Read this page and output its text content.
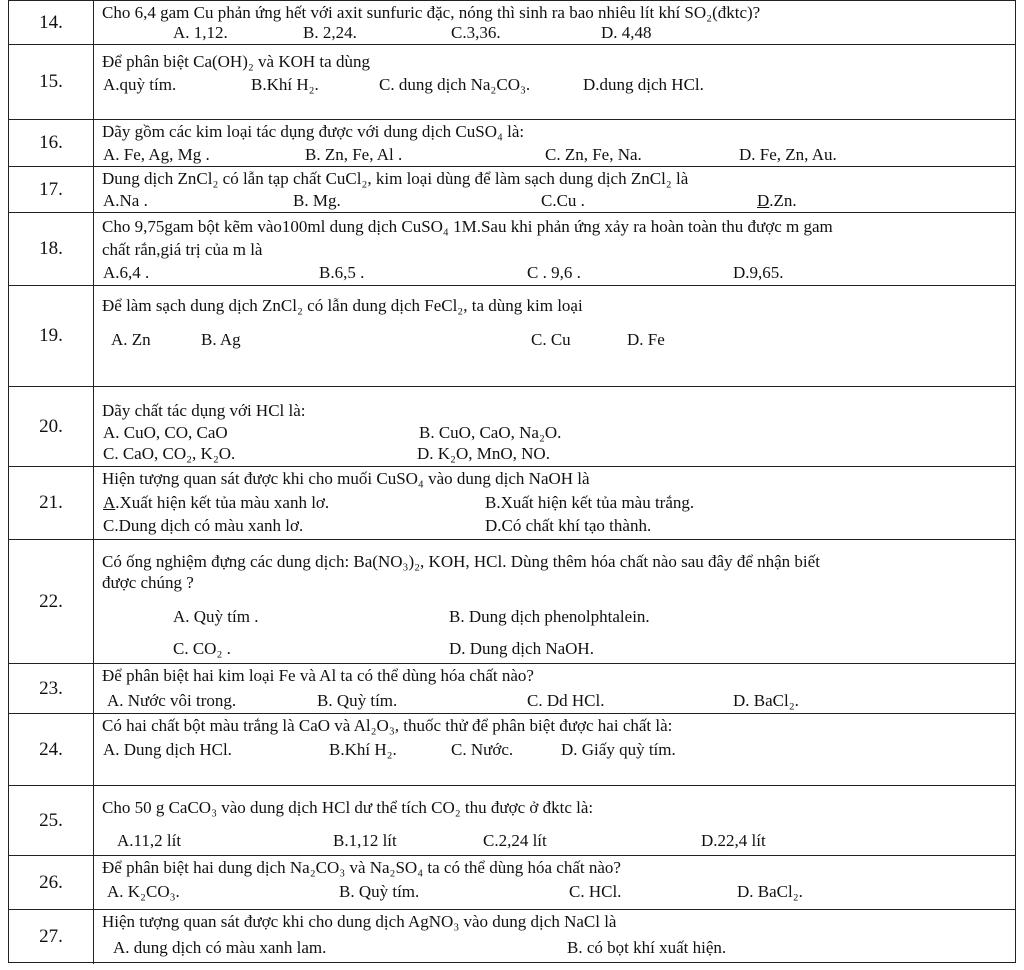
14.	Cho 6,4 gam Cu phản ứng hết với axit sunfuric đặc, nóng thì sinh ra bao nhiêu lít khí SO₂(đktc)?
A. 1,12.	B. 2,24.	C.3,36.	D. 4,48
15.
Để phân biệt Ca(OH)₂ và KOH ta dùng
A.quỳ tím.	B.Khí H₂.	C. dung dịch Na₂CO₃.	D.dung dịch HCl.
16.
Dãy gồm các kim loại tác dụng được với dung dịch CuSO₄ là:
A. Fe, Ag, Mg .	B. Zn, Fe, Al .	C. Zn, Fe, Na.	D. Fe, Zn, Au.
17.	Dung dịch ZnCl₂ có lẫn tạp chất CuCl₂, kim loại dùng để làm sạch dung dịch ZnCl₂ là
A.Na .	B. Mg.	C.Cu .	D.Zn.
18.
Cho 9,75gam bột kẽm vào100ml dung dịch CuSO₄ 1M.Sau khi phản ứng xảy ra hoàn toàn thu được m gam
chất rắn,giá trị của m là
A.6,4 .	B.6,5 .	C . 9,6 .	D.9,65.
19.
Để làm sạch dung dịch ZnCl₂ có lẫn dung dịch FeCl₂, ta dùng kim loại
A. Zn	B. Ag	C. Cu	D. Fe
20.
Dãy chất tác dụng với HCl là:
A. CuO, CO, CaO	B. CuO, CaO, Na₂O.
C. CaO, CO₂, K₂O.	D. K₂O, MnO, NO.
21.
Hiện tượng quan sát được khi cho muối CuSO₄ vào dung dịch NaOH là
A.Xuất hiện kết tủa màu xanh lơ.	B.Xuất hiện kết tủa màu trắng.
C.Dung dịch có màu xanh lơ.	D.Có chất khí tạo thành.
22.
Có ống nghiệm đựng các dung dịch: Ba(NO₃)₂, KOH, HCl. Dùng thêm hóa chất nào sau đây để nhận biết
được chúng ?
A. Quỳ tím .	B. Dung dịch phenolphtalein.
C. CO₂ .	D. Dung dịch NaOH.
23.
Để phân biệt hai kim loại Fe và Al ta có thể dùng hóa chất nào?
A. Nước vôi trong.	B. Quỳ tím.	C. Dd HCl.	D. BaCl₂.
24.
Có hai chất bột màu trắng là CaO và Al₂O₃, thuốc thử để phân biệt được hai chất là:
A. Dung dịch HCl.	B.Khí H₂.	C. Nước.	D. Giấy quỳ tím.
25.
Cho 50 g CaCO₃ vào dung dịch HCl dư thể tích CO₂ thu được ở đktc là:
A.11,2 lít	B.1,12 lít	C.2,24 lít	D.22,4 lít
26.
Để phân biệt hai dung dịch Na₂CO₃ và Na₂SO₄ ta có thể dùng hóa chất nào?
A. K₂CO₃.	B. Quỳ tím.	C. HCl.	D. BaCl₂.
27.
Hiện tượng quan sát được khi cho dung dịch AgNO₃ vào dung dịch NaCl là
A. dung dịch có màu xanh lam.	B. có bọt khí xuất hiện.
